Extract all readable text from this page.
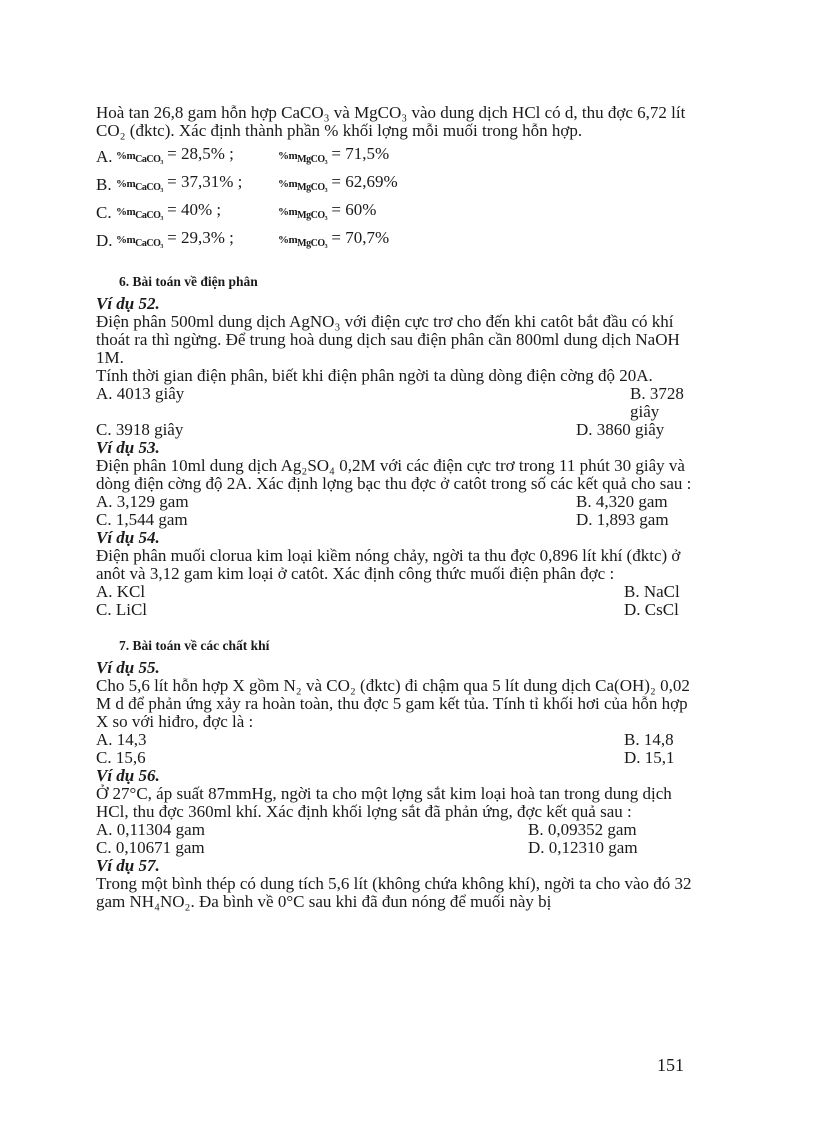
Hoà tan 26,8 gam hỗn hợp CaCO₃ và MgCO₃ vào dung dịch HCl có d, thu đợc 6,72 lít CO₂ (đktc). Xác định thành phần % khối lợng mỗi muối trong hỗn hợp.

A. $\%m_{CaCO_3} = 28,5\%$ ;	$\%m_{MgCO_3} = 71,5\%$
B. $\%m_{CaCO_3} = 37,31\%$ ;	$\%m_{MgCO_3} = 62,69\%$
C. $\%m_{CaCO_3} = 40\%$ ;	$\%m_{MgCO_3} = 60\%$
D. $\%m_{CaCO_3} = 29,3\%$ ;	$\%m_{MgCO_3} = 70,7\%$
6. Bài toán về điện phân
Ví dụ 52.

Điện phân 500ml dung dịch AgNO₃ với điện cực trơ cho đến khi catôt bắt đầu có khí thoát ra thì ngừng. Để trung hoà dung dịch sau điện phân cần 800ml dung dịch NaOH 1M.

Tính thời gian điện phân, biết khi điện phân ngời ta dùng dòng điện cờng độ 20A.

A. 4013 giây	B. 3728 giây
C. 3918 giây	D. 3860 giây
Ví dụ 53.

Điện phân 10ml dung dịch Ag₂SO₄ 0,2M với các điện cực trơ trong 11 phút 30 giây và dòng điện cờng độ 2A. Xác định lợng bạc thu đợc ở catôt trong số các kết quả cho sau :

A. 3,129 gam	B. 4,320 gam
C. 1,544 gam	D. 1,893 gam
Ví dụ 54.

Điện phân muối clorua kim loại kiềm nóng chảy, ngời ta thu đợc 0,896 lít khí (đktc) ở anôt và 3,12 gam kim loại ở catôt. Xác định công thức muối điện phân đợc :

A. KCl	B. NaCl
C. LiCl	D. CsCl
7. Bài toán về các chất khí
Ví dụ 55.

Cho 5,6 lít hỗn hợp X gồm N₂ và CO₂ (đktc) đi chậm qua 5 lít dung dịch Ca(OH)₂ 0,02 M d để phản ứng xảy ra hoàn toàn, thu đợc 5 gam kết tủa. Tính tỉ khối hơi của hỗn hợp X so với hiđro, đợc là :

A. 14,3	B. 14,8
C. 15,6	D. 15,1
Ví dụ 56.

Ở 27°C, áp suất 87mmHg, ngời ta cho một lợng sắt kim loại hoà tan trong dung dịch HCl, thu đợc 360ml khí. Xác định khối lợng sắt đã phản ứng, đợc kết quả sau :

A. 0,11304 gam	B. 0,09352 gam
C. 0,10671 gam	D. 0,12310 gam
Ví dụ 57.

Trong một bình thép có dung tích 5,6 lít (không chứa không khí), ngời ta cho vào đó 32 gam NH₄NO₂. Đa bình về 0°C sau khi đã đun nóng để muối này bị

151
